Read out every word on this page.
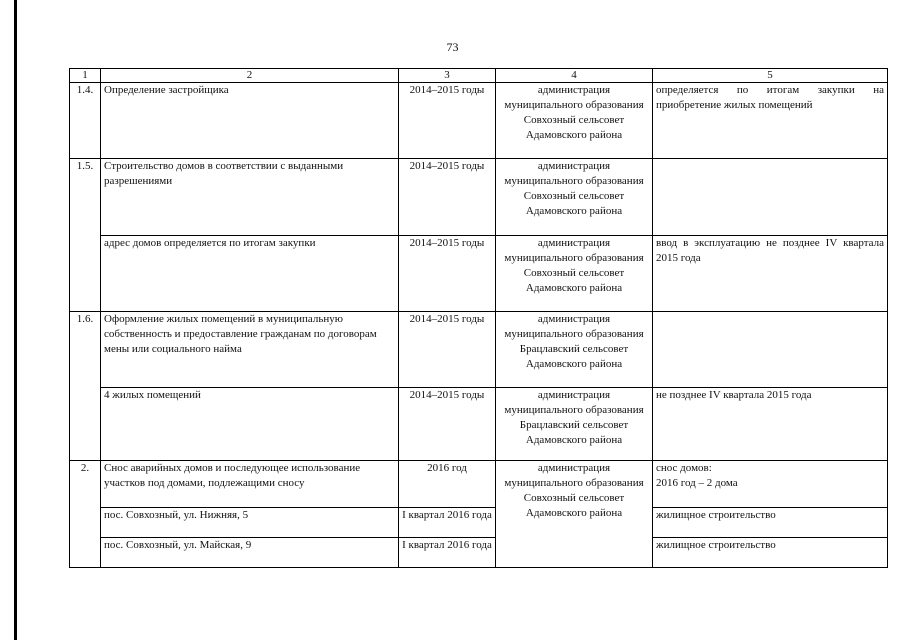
73
1	2	3	4	5
1.4.	Определение застройщика	2014–2015 годы	администрация муниципального образования Совхозный сельсовет Адамовского района	определяется по итогам закупки на приобретение жилых помещений
1.5.	Строительство домов в соответствии с выданными разрешениями	2014–2015 годы	администрация муниципального образования Совхозный сельсовет Адамовского района	
	адрес домов определяется по итогам закупки	2014–2015 годы	администрация муниципального образования Совхозный сельсовет Адамовского района	ввод в эксплуатацию не позднее IV квартала 2015 года
1.6.	Оформление жилых помещений в муниципальную собственность и предоставление гражданам по договорам мены или социального найма	2014–2015 годы	администрация муниципального образования Брацлавский сельсовет Адамовского района	
	4 жилых помещений	2014–2015 годы	администрация муниципального образования Брацлавский сельсовет Адамовского района	не позднее IV квартала 2015 года
2.	Снос аварийных домов и последующее использование участков под домами, подлежащими сносу	2016 год	администрация муниципального образования Совхозный сельсовет Адамовского района	снос домов:
2016 год – 2 дома

	пос. Совхозный, ул. Нижняя, 5	I квартал 2016 года		жилищное строительство
	пос. Совхозный, ул. Майская, 9	I квартал 2016 года		жилищное строительство
